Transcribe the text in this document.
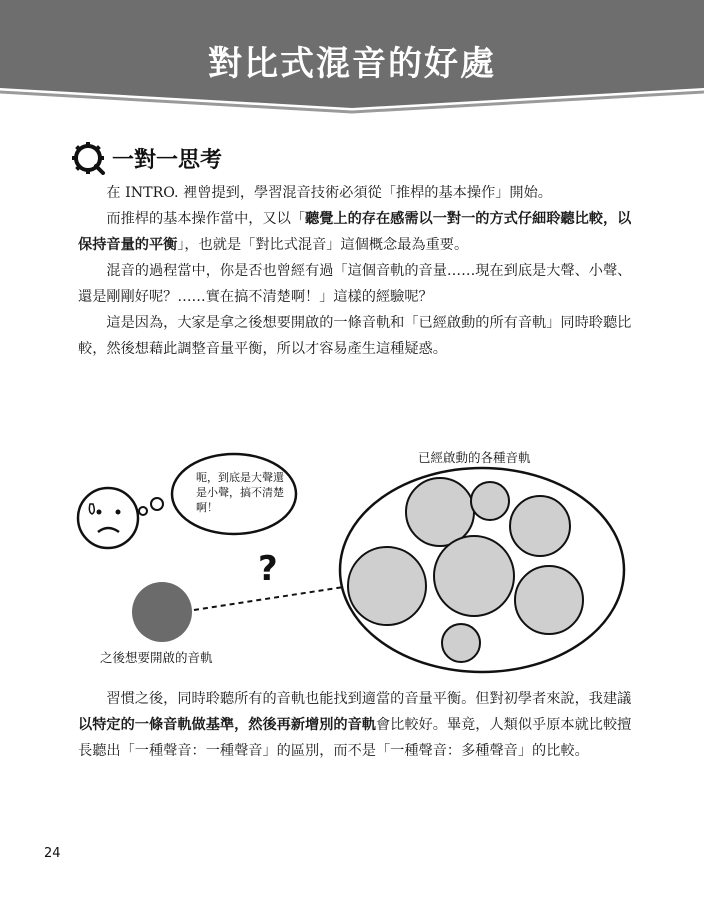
對比式混音的好處
一對一思考

在 INTRO. 裡曾提到，學習混音技術必須從「推桿的基本操作」開始。

而推桿的基本操作當中，又以「聽覺上的存在感需以一對一的方式仔細聆聽比較，以保持音量的平衡」，也就是「對比式混音」這個概念最為重要。

混音的過程當中，你是否也曾經有過「這個音軌的音量……現在到底是大聲、小聲、還是剛剛好呢？……實在搞不清楚啊！」這樣的經驗呢？

這是因為，大家是拿之後想要開啟的一條音軌和「已經啟動的所有音軌」同時聆聽比較，然後想藉此調整音量平衡，所以才容易產生這種疑惑。

?
呃，到底是大聲還是小聲，搞不清楚啊！
已經啟動的各種音軌
之後想要開啟的音軌

習慣之後，同時聆聽所有的音軌也能找到適當的音量平衡。但對初學者來說，我建議以特定的一條音軌做基準，然後再新增別的音軌會比較好。畢竟，人類似乎原本就比較擅長聽出「一種聲音：一種聲音」的區別，而不是「一種聲音：多種聲音」的比較。

24
